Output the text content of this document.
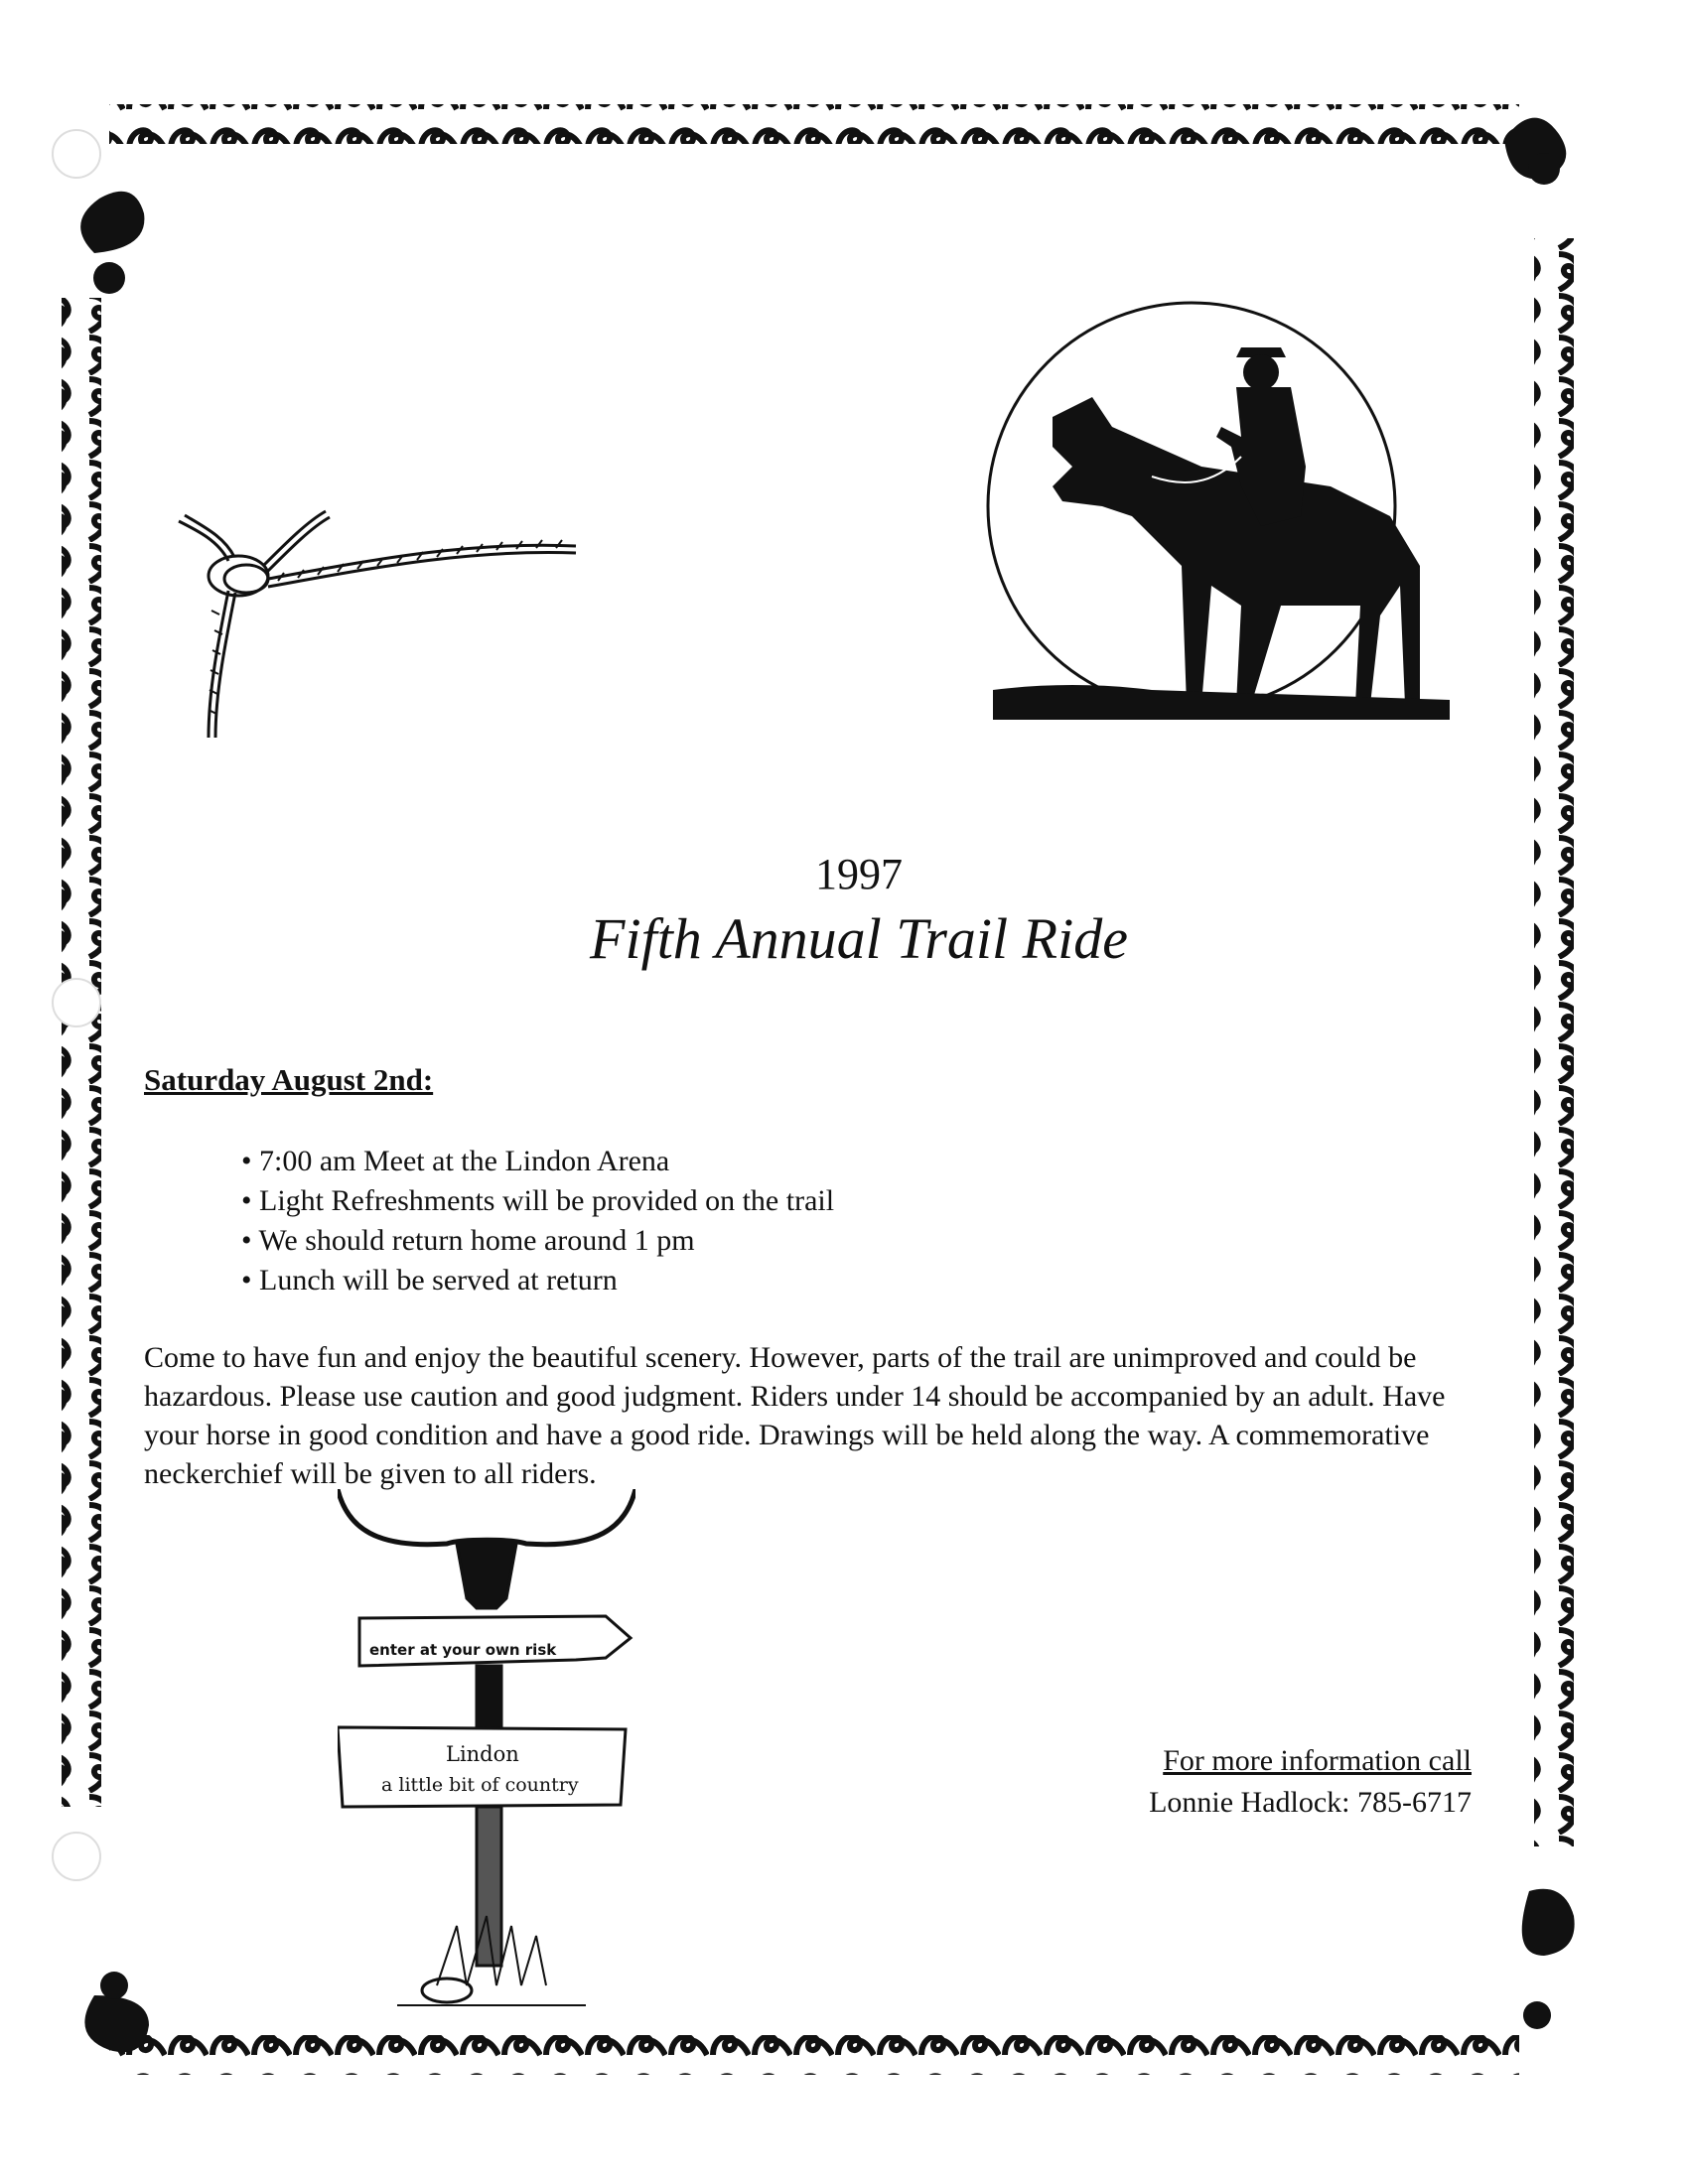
1997
Fifth Annual Trail Ride
Saturday August 2nd:
• 7:00 am Meet at the Lindon Arena
• Light Refreshments will be provided on the trail
• We should return home around 1 pm
• Lunch will be served at return
Come to have fun and enjoy the beautiful scenery. However, parts of the trail are unimproved and could be hazardous. Please use caution and good judgment. Riders under 14 should be accompanied by an adult. Have your horse in good condition and have a good ride. Drawings will be held along the way. A commemorative neckerchief will be given to all riders.
enter at your own risk
Lindon
a little bit of country
For more information call
Lonnie Hadlock: 785-6717
